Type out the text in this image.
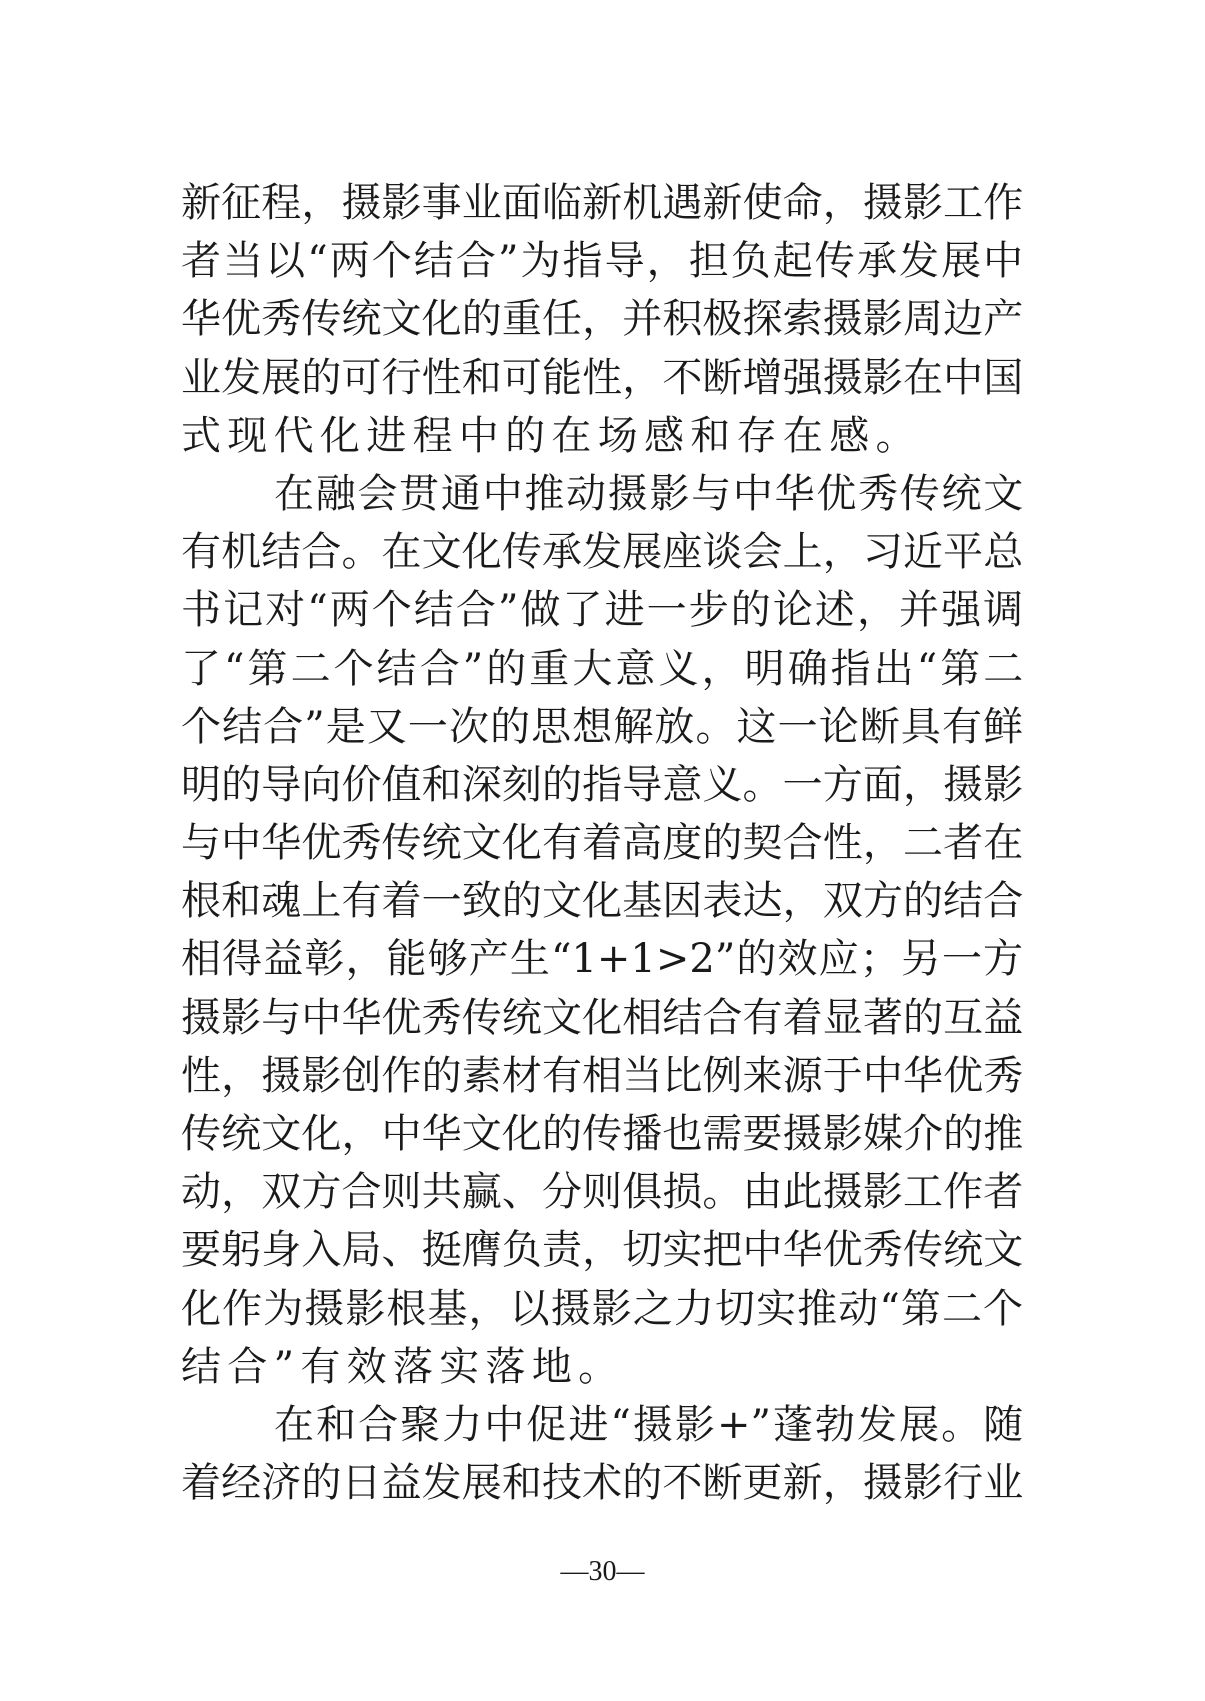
新征程，摄影事业面临新机遇新使命，摄影工作
者当以“两个结合”为指导，担负起传承发展中
华优秀传统文化的重任，并积极探索摄影周边产
业发展的可行性和可能性，不断增强摄影在中国
式现代化进程中的在场感和存在感。
在融会贯通中推动摄影与中华优秀传统文
有机结合。在文化传承发展座谈会上，习近平总
书记对“两个结合”做了进一步的论述，并强调
了“第二个结合”的重大意义，明确指出“第二
个结合”是又一次的思想解放。这一论断具有鲜
明的导向价值和深刻的指导意义。一方面，摄影
与中华优秀传统文化有着高度的契合性，二者在
根和魂上有着一致的文化基因表达，双方的结合
相得益彰，能够产生“1+1>2”的效应；另一方
摄影与中华优秀传统文化相结合有着显著的互益
性，摄影创作的素材有相当比例来源于中华优秀
传统文化，中华文化的传播也需要摄影媒介的推
动，双方合则共赢、分则俱损。由此摄影工作者
要躬身入局、挺膺负责，切实把中华优秀传统文
化作为摄影根基，以摄影之力切实推动“第二个
结合”有效落实落地。
在和合聚力中促进“摄影+”蓬勃发展。随
着经济的日益发展和技术的不断更新，摄影行业
—30—
